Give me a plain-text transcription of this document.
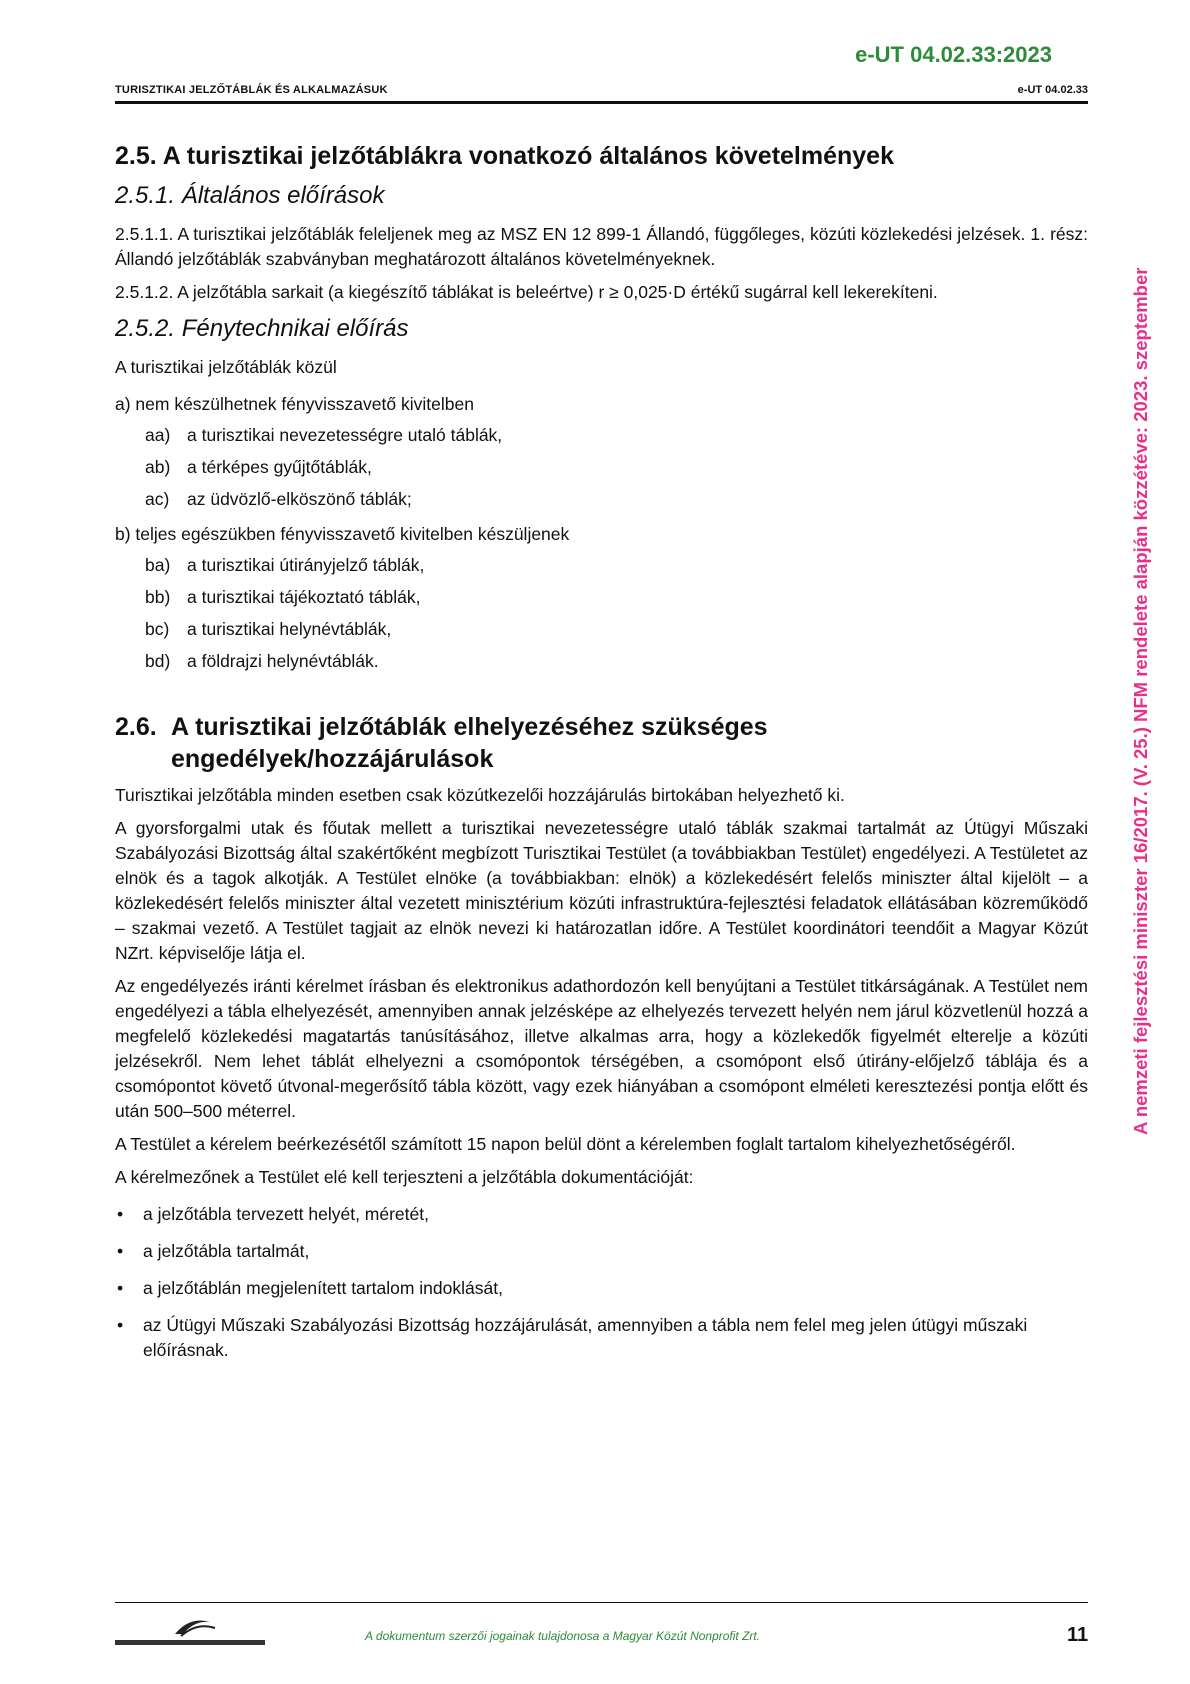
e-UT 04.02.33:2023
TURISZTIKAI JELZŐTÁBLÁK ÉS ALKALMAZÁSUK	e-UT 04.02.33
A nemzeti fejlesztési miniszter 16/2017. (V. 25.) NFM rendelete alapján közzétéve: 2023. szeptember
2.5. A turisztikai jelzőtáblákra vonatkozó általános követelmények
2.5.1. Általános előírások

2.5.1.1. A turisztikai jelzőtáblák feleljenek meg az MSZ EN 12 899-1 Állandó, függőleges, közúti közlekedési jelzések. 1. rész: Állandó jelzőtáblák szabványban meghatározott általános követelményeknek.

2.5.1.2. A jelzőtábla sarkait (a kiegészítő táblákat is beleértve) r ≥ 0,025·D értékű sugárral kell lekerekíteni.

2.5.2. Fénytechnikai előírás

A turisztikai jelzőtáblák közül

a) nem készülhetnek fényvisszavető kivitelben
aa) a turisztikai nevezetességre utaló táblák,
ab) a térképes gyűjtőtáblák,
ac) az üdvözlő-elköszönő táblák;
b) teljes egészükben fényvisszavető kivitelben készüljenek
ba) a turisztikai útirányjelző táblák,
bb) a turisztikai tájékoztató táblák,
bc) a turisztikai helynévtáblák,
bd) a földrajzi helynévtáblák.
2.6. A turisztikai jelzőtáblák elhelyezéséhez szükséges
engedélyek/hozzájárulások

Turisztikai jelzőtábla minden esetben csak közútkezelői hozzájárulás birtokában helyezhető ki.

A gyorsforgalmi utak és főutak mellett a turisztikai nevezetességre utaló táblák szakmai tartalmát az Útügyi Műszaki Szabályozási Bizottság által szakértőként megbízott Turisztikai Testület (a továbbiakban Testület) engedélyezi. A Testületet az elnök és a tagok alkotják. A Testület elnöke (a továbbiakban: elnök) a közlekedésért felelős miniszter által kijelölt – a közlekedésért felelős miniszter által vezetett minisztérium közúti infrastruktúra-fejlesztési feladatok ellátásában közreműködő – szakmai vezető. A Testület tagjait az elnök nevezi ki határozatlan időre. A Testület koordinátori teendőit a Magyar Közút NZrt. képviselője látja el.

Az engedélyezés iránti kérelmet írásban és elektronikus adathordozón kell benyújtani a Testület titkárságának. A Testület nem engedélyezi a tábla elhelyezését, amennyiben annak jelzésképe az elhelyezés tervezett helyén nem járul közvetlenül hozzá a megfelelő közlekedési magatartás tanúsításához, illetve alkalmas arra, hogy a közlekedők figyelmét elterelje a közúti jelzésekről. Nem lehet táblát elhelyezni a csomópontok térségében, a csomópont első útirány-előjelző táblája és a csomópontot követő útvonal-megerősítő tábla között, vagy ezek hiányában a csomópont elméleti keresztezési pontja előtt és után 500–500 méterrel.

A Testület a kérelem beérkezésétől számított 15 napon belül dönt a kérelemben foglalt tartalom kihelyezhetőségéről.

A kérelmezőnek a Testület elé kell terjeszteni a jelzőtábla dokumentációját:

• a jelzőtábla tervezett helyét, méretét,
• a jelzőtábla tartalmát,
• a jelzőtáblán megjelenített tartalom indoklását,
• az Útügyi Műszaki Szabályozási Bizottság hozzájárulását, amennyiben a tábla nem felel meg jelen útügyi műszaki előírásnak.
A dokumentum szerzői jogainak tulajdonosa a Magyar Közút Nonprofit Zrt.	11
